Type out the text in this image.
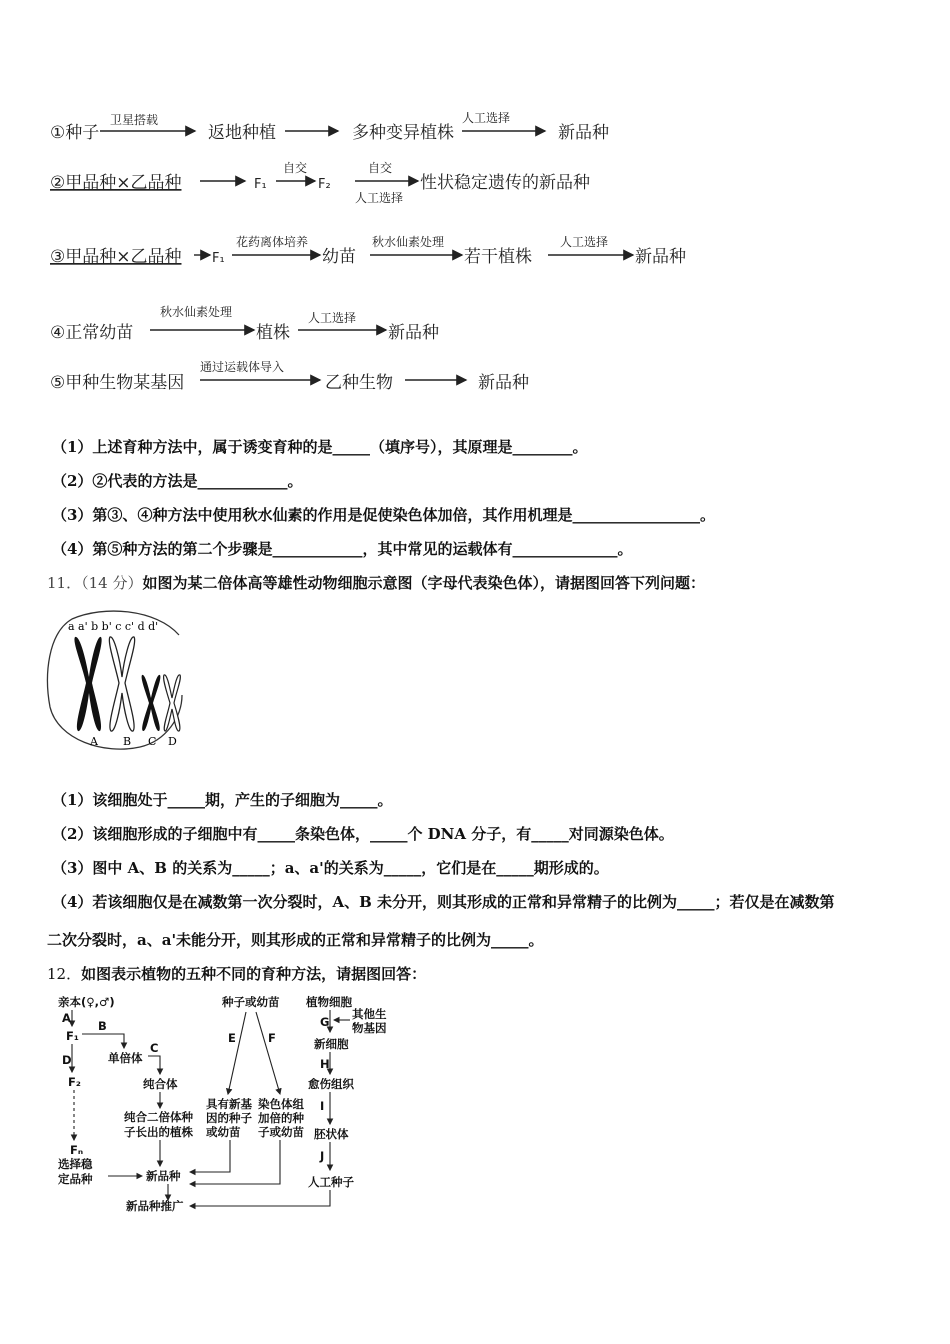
①种子
卫星搭载
返地种植	多种变异植株
人工选择
新品种
②甲品种×乙品种	F₁
自交
F₂
自交
人工选择
性状稳定遗传的新品种
③甲品种×乙品种 F₁
花药离体培养
幼苗
秋水仙素处理
若干植株
人工选择
新品种
④正常幼苗
秋水仙素处理
植株
人工选择
新品种
⑤甲种生物某基因
通过运载体导入
乙种生物	新品种
（1）上述育种方法中，属于诱变育种的是_____（填序号），其原理是________。
（2）②代表的方法是____________。
（3）第③、④种方法中使用秋水仙素的作用是促使染色体加倍，其作用机理是_________________。
（4）第⑤种方法的第二个步骤是____________，其中常见的运载体有______________。
11．（14 分）如图为某二倍体高等雄性动物细胞示意图（字母代表染色体），请据图回答下列问题：
a a' b b' c c' d d'
A B C D
（1）该细胞处于_____期，产生的子细胞为_____。
（2）该细胞形成的子细胞中有_____条染色体，_____个 DNA 分子，有_____对同源染色体。
（3）图中 A、B 的关系为_____；a、a'的关系为_____，它们是在_____期形成的。
（4）若该细胞仅是在减数第一次分裂时，A、B 未分开，则其形成的正常和异常精子的比例为_____；若仅是在减数第
二次分裂时，a、a'未能分开，则其形成的正常和异常精子的比例为_____。
12．如图表示植物的五种不同的育种方法，请据图回答：
亲本(♀,♂)
A
F₁
B
单倍体
C
纯合体
纯合二倍体种
子长出的植株
D
F₂
Fₙ
选择稳
定品种	新品种
新品种推广
种子或幼苗
E	F
具有新基
因的种子
或幼苗
染色体组
加倍的种
子或幼苗
植物细胞
G
其他生
物基因
新细胞
H
愈伤组织
I
胚状体
J
人工种子
